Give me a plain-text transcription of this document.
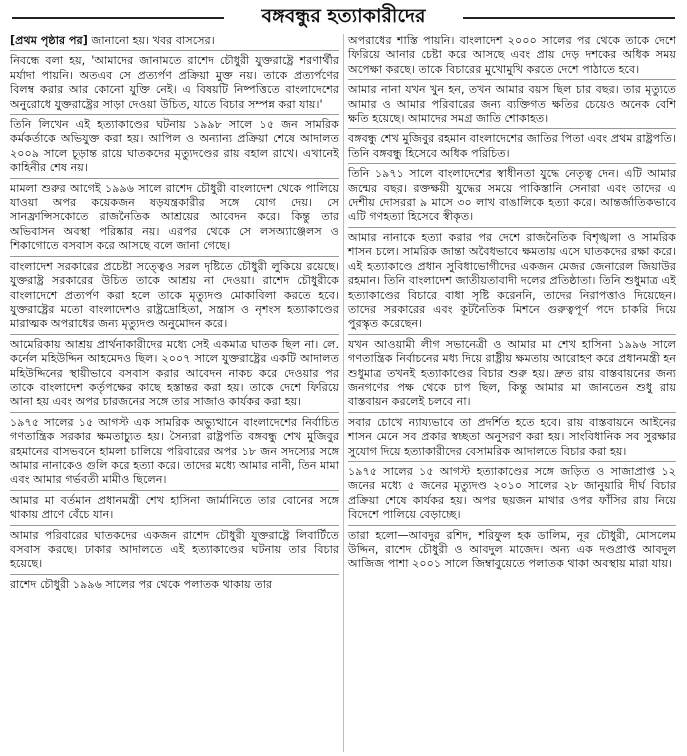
বঙ্গবন্ধুর হত্যাকারীদের

[প্রথম পৃষ্ঠার পর] জানানো হয়। খবর বাসসের।

নিবন্ধে বলা হয়, 'আমাদের জানামতে রাশেদ চৌধুরী যুক্তরাষ্ট্রে শরণার্থীর মর্যাদা পায়নি। অতএব সে প্রত্যর্পণ প্রক্রিয়া মুক্ত নয়। তাকে প্রত্যর্পণের বিলম্ব করার আর কোনো যুক্তি নেই। এ বিষয়টি নিষ্পত্তিতে বাংলাদেশের অনুরোধে যুক্তরাষ্ট্রের সাড়া দেওয়া উচিত, যাতে বিচার সম্পন্ন করা যায়।'

তিনি লিখেন এই হত্যাকাণ্ডের ঘটনায় ১৯৯৮ সালে ১৫ জন সামরিক কর্মকর্তাকে অভিযুক্ত করা হয়। আপিল ও অন্যান্য প্রক্রিয়া শেষে আদালত ২০০৯ সালে চূড়ান্ত রায়ে ঘাতকদের মৃত্যুদণ্ডের রায় বহাল রাখে। এখানেই কাহিনীর শেষ নয়।

মামলা শুরুর আগেই ১৯৯৬ সালে রাশেদ চৌধুরী বাংলাদেশ থেকে পালিয়ে যাওয়া অপর কয়েকজন ষড়যন্ত্রকারীর সঙ্গে যোগ দেয়। সে সানফ্রান্সিসকোতে রাজনৈতিক আশ্রয়ের আবেদন করে। কিন্তু তার অভিবাসন অবস্থা পরিষ্কার নয়। এরপর থেকে সে লসঅ্যাঞ্জেলস ও শিকাগোতে বসবাস করে আসছে বলে জানা গেছে।

বাংলাদেশ সরকারের প্রচেষ্টা সত্ত্বেও সরল দৃষ্টিতে চৌধুরী লুকিয়ে রয়েছে। যুক্তরাষ্ট্র সরকারের উচিত তাকে আশ্রয় না দেওয়া। রাশেদ চৌধুরীকে বাংলাদেশে প্রত্যর্পণ করা হলে তাকে মৃত্যুদণ্ড মোকাবিলা করতে হবে। যুক্তরাষ্ট্রের মতো বাংলাদেশও রাষ্ট্রদ্রোহিতা, সন্ত্রাস ও নৃশংস হত্যাকাণ্ডের মারাত্মক অপরাধের জন্য মৃত্যুদণ্ড অনুমোদন করে।

আমেরিকায় আশ্রয় প্রার্থনাকারীদের মধ্যে সেই একমাত্র ঘাতক ছিল না। লে. কর্নেল মহিউদ্দিন আহমেদও ছিল। ২০০৭ সালে যুক্তরাষ্ট্রের একটি আদালত মহিউদ্দিনের স্থায়ীভাবে বসবাস করার আবেদন নাকচ করে দেওয়ার পর তাকে বাংলাদেশ কর্তৃপক্ষের কাছে হস্তান্তর করা হয়। তাকে দেশে ফিরিয়ে আনা হয় এবং অপর চারজনের সঙ্গে তার সাজাও কার্যকর করা হয়।

১৯৭৫ সালের ১৫ আগস্ট এক সামরিক অভ্যুত্থানে বাংলাদেশের নির্বাচিত গণতান্ত্রিক সরকার ক্ষমতাচ্যুত হয়। সৈন্যরা রাষ্ট্রপতি বঙ্গবন্ধু শেখ মুজিবুর রহমানের বাসভবনে হামলা চালিয়ে পরিবারের অপর ১৮ জন সদস্যের সঙ্গে আমার নানাকেও গুলি করে হত্যা করে। তাদের মধ্যে আমার নানী, তিন মামা এবং আমার গর্ভবতী মামীও ছিলেন।

আমার মা বর্তমান প্রধানমন্ত্রী শেখ হাসিনা জার্মানিতে তার বোনের সঙ্গে থাকায় প্রাণে বেঁচে যান।

আমার পরিবারের ঘাতকদের একজন রাশেদ চৌধুরী যুক্তরাষ্ট্রে লিবার্টিতে বসবাস করছে। ঢাকার আদালতে এই হত্যাকাণ্ডের ঘটনায় তার বিচার হয়েছে।

রাশেদ চৌধুরী ১৯৯৬ সালের পর থেকে পলাতক থাকায় তার

অপরাধের শাস্তি পায়নি। বাংলাদেশ ২০০০ সালের পর থেকে তাকে দেশে ফিরিয়ে আনার চেষ্টা করে আসছে এবং প্রায় দেড় দশকের অধিক সময় অপেক্ষা করছে। তাকে বিচারের মুখোমুখি করতে দেশে পাঠাতে হবে।

আমার নানা যখন খুন হন, তখন আমার বয়স ছিল চার বছর। তার মৃত্যুতে আমার ও আমার পরিবারের জন্য ব্যক্তিগত ক্ষতির চেয়েও অনেক বেশি ক্ষতি হয়েছে। আমাদের সমগ্র জাতি শোকাহত।

বঙ্গবন্ধু শেখ মুজিবুর রহমান বাংলাদেশের জাতির পিতা এবং প্রথম রাষ্ট্রপতি। তিনি বঙ্গবন্ধু হিসেবে অধিক পরিচিত।

তিনি ১৯৭১ সালে বাংলাদেশের স্বাধীনতা যুদ্ধে নেতৃত্ব দেন। এটি আমার জন্মের বছর। রক্তক্ষয়ী যুদ্ধের সময়ে পাকিস্তানি সেনারা এবং তাদের এ দেশীয় দোসররা ৯ মাসে ৩০ লাখ বাঙালিকে হত্যা করে। আন্তর্জাতিকভাবে এটি গণহত্যা হিসেবে স্বীকৃত।

আমার নানাকে হত্যা করার পর দেশে রাজনৈতিক বিশৃঙ্খলা ও সামরিক শাসন চলে। সামরিক জান্তা অবৈধভাবে ক্ষমতায় এসে ঘাতকদের রক্ষা করে। এই হত্যাকাণ্ডে প্রধান সুবিধাভোগীদের একজন মেজর জেনারেল জিয়াউর রহমান। তিনি বাংলাদেশ জাতীয়তাবাদী দলের প্রতিষ্ঠাতা। তিনি শুধুমাত্র এই হত্যাকাণ্ডের বিচারে বাধা সৃষ্টি করেননি, তাদের নিরাপত্তাও দিয়েছেন। তাদের সরকারের এবং কূটনৈতিক মিশনে গুরুত্বপূর্ণ পদে চাকরি দিয়ে পুরস্কৃত করেছেন।

যখন আওয়ামী লীগ সভানেত্রী ও আমার মা শেখ হাসিনা ১৯৯৬ সালে গণতান্ত্রিক নির্বাচনের মধ্য দিয়ে রাষ্ট্রীয় ক্ষমতায় আরোহণ করে প্রধানমন্ত্রী হন শুধুমাত্র তখনই হত্যাকাণ্ডের বিচার শুরু হয়। দ্রুত রায় বাস্তবায়নের জন্য জনগণের পক্ষ থেকে চাপ ছিল, কিন্তু আমার মা জানতেন শুধু রায় বাস্তবায়ন করলেই চলবে না।

সবার চোখে ন্যায্যভাবে তা প্রদর্শিত হতে হবে। রায় বাস্তবায়নে আইনের শাসন মেনে সব প্রকার স্বচ্ছতা অনুসরণ করা হয়। সাংবিধানিক সব সুরক্ষার সুযোগ দিয়ে হত্যাকারীদের বেসামরিক আদালতে বিচার করা হয়।

১৯৭৫ সালের ১৫ আগস্ট হত্যাকাণ্ডের সঙ্গে জড়িত ও সাজাপ্রাপ্ত ১২ জনের মধ্যে ৫ জনের মৃত্যুদণ্ড ২০১০ সালের ২৮ জানুয়ারি দীর্ঘ বিচার প্রক্রিয়া শেষে কার্যকর হয়। অপর ছয়জন মাথার ওপর ফাঁসির রায় নিয়ে বিদেশে পালিয়ে বেড়াচ্ছে।

তারা হলো—আবদুর রশিদ, শরিফুল হক ডালিম, নূর চৌধুরী, মোসলেম উদ্দিন, রাশেদ চৌধুরী ও আবদুল মাজেদ। অন্য এক দণ্ডপ্রাপ্ত আবদুল আজিজ পাশা ২০০১ সালে জিম্বাবুয়েতে পলাতক থাকা অবস্থায় মারা যায়।
